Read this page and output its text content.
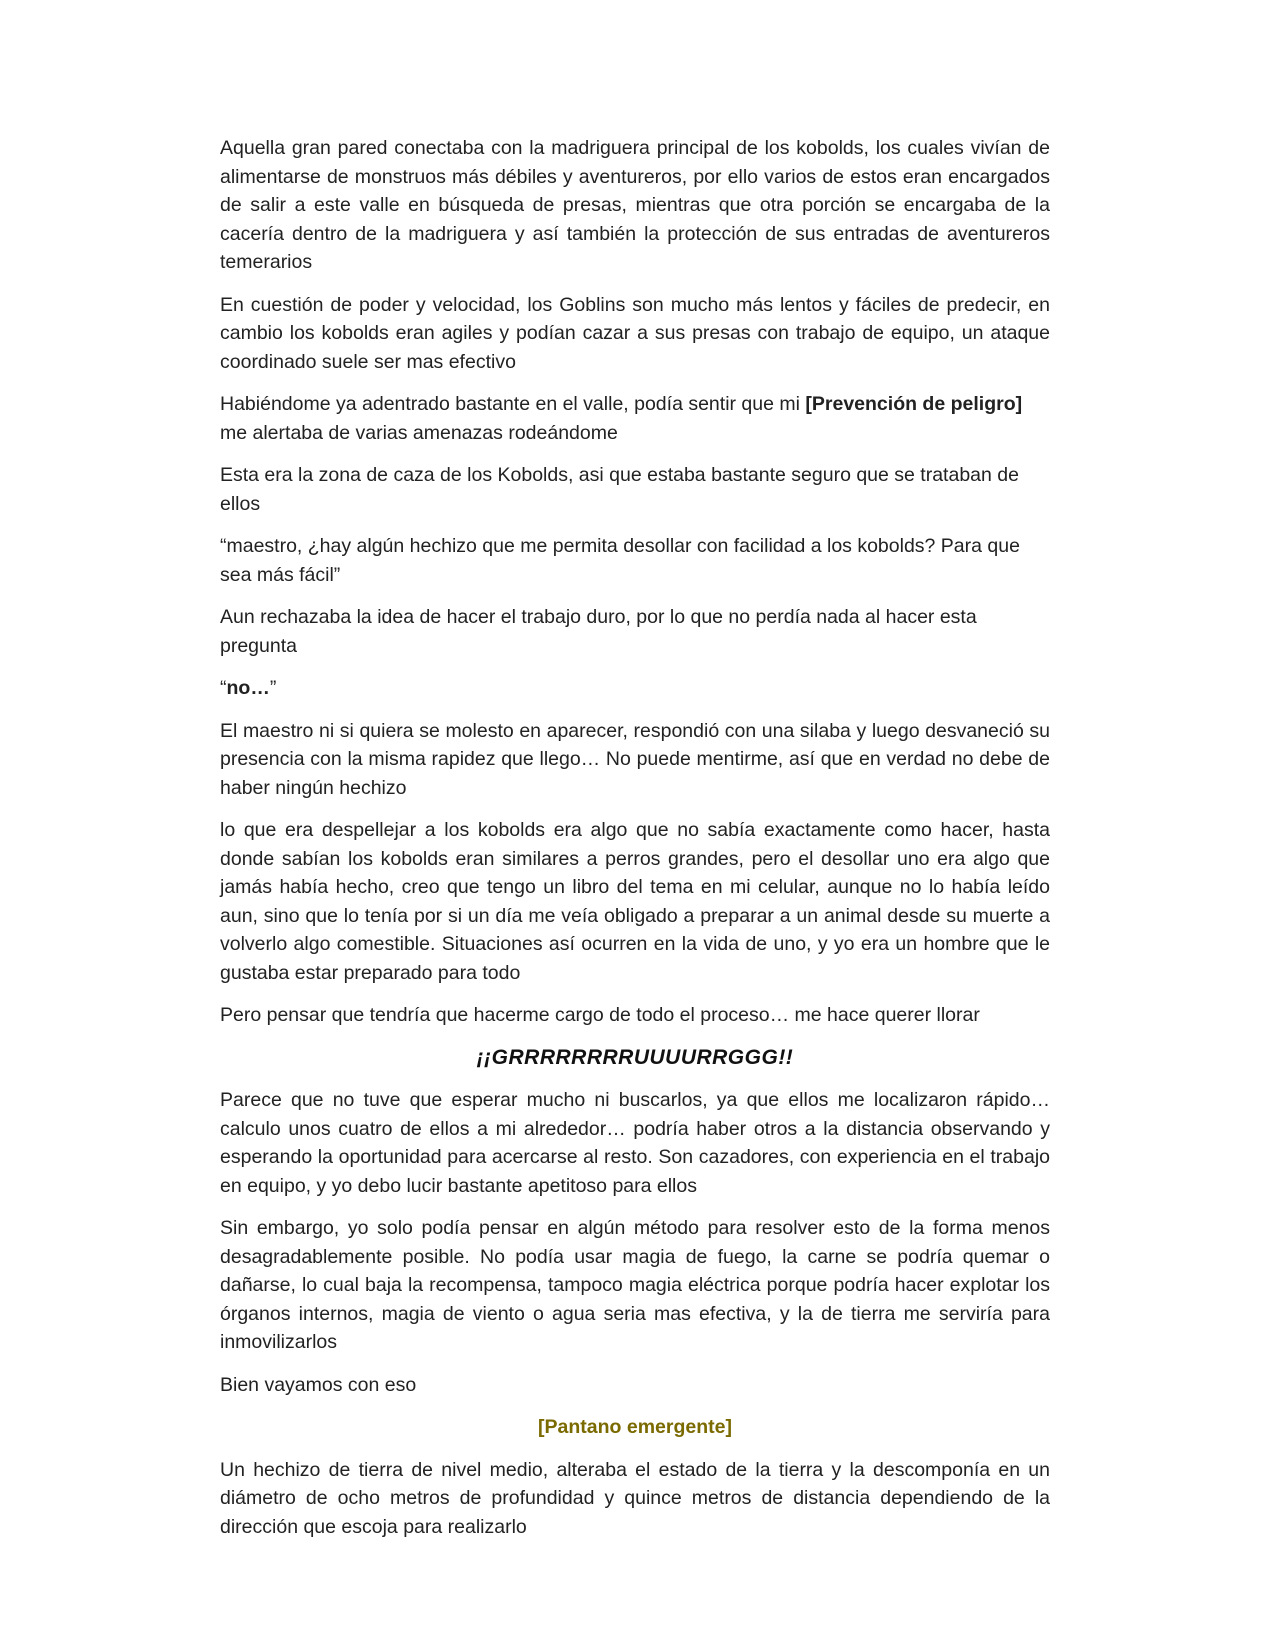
Aquella gran pared conectaba con la madriguera principal de los kobolds, los cuales vivían de alimentarse de monstruos más débiles y aventureros, por ello varios de estos eran encargados de salir a este valle en búsqueda de presas, mientras que otra porción se encargaba de la cacería dentro de la madriguera y así también la protección de sus entradas de aventureros temerarios

En cuestión de poder y velocidad, los Goblins son mucho más lentos y fáciles de predecir, en cambio los kobolds eran agiles y podían cazar a sus presas con trabajo de equipo, un ataque coordinado suele ser mas efectivo

Habiéndome ya adentrado bastante en el valle, podía sentir que mi [Prevención de peligro] me alertaba de varias amenazas rodeándome

Esta era la zona de caza de los Kobolds, asi que estaba bastante seguro que se trataban de ellos

“maestro, ¿hay algún hechizo que me permita desollar con facilidad a los kobolds? Para que sea más fácil”

Aun rechazaba la idea de hacer el trabajo duro, por lo que no perdía nada al hacer esta pregunta

“no…”

El maestro ni si quiera se molesto en aparecer, respondió con una silaba y luego desvaneció su presencia con la misma rapidez que llego… No puede mentirme, así que en verdad no debe de haber ningún hechizo

lo que era despellejar a los kobolds era algo que no sabía exactamente como hacer, hasta donde sabían los kobolds eran similares a perros grandes, pero el desollar uno era algo que jamás había hecho, creo que tengo un libro del tema en mi celular, aunque no lo había leído aun, sino que lo tenía por si un día me veía obligado a preparar a un animal desde su muerte a volverlo algo comestible. Situaciones así ocurren en la vida de uno, y yo era un hombre que le gustaba estar preparado para todo

Pero pensar que tendría que hacerme cargo de todo el proceso… me hace querer llorar

¡¡GRRRRRRRRUUUURRGGG!!

Parece que no tuve que esperar mucho ni buscarlos, ya que ellos me localizaron rápido… calculo unos cuatro de ellos a mi alrededor… podría haber otros a la distancia observando y esperando la oportunidad para acercarse al resto. Son cazadores, con experiencia en el trabajo en equipo, y yo debo lucir bastante apetitoso para ellos

Sin embargo, yo solo podía pensar en algún método para resolver esto de la forma menos desagradablemente posible. No podía usar magia de fuego, la carne se podría quemar o dañarse, lo cual baja la recompensa, tampoco magia eléctrica porque podría hacer explotar los órganos internos, magia de viento o agua seria mas efectiva, y la de tierra me serviría para inmovilizarlos

Bien vayamos con eso

[Pantano emergente]

Un hechizo de tierra de nivel medio, alteraba el estado de la tierra y la descomponía en un diámetro de ocho metros de profundidad y quince metros de distancia dependiendo de la dirección que escoja para realizarlo
